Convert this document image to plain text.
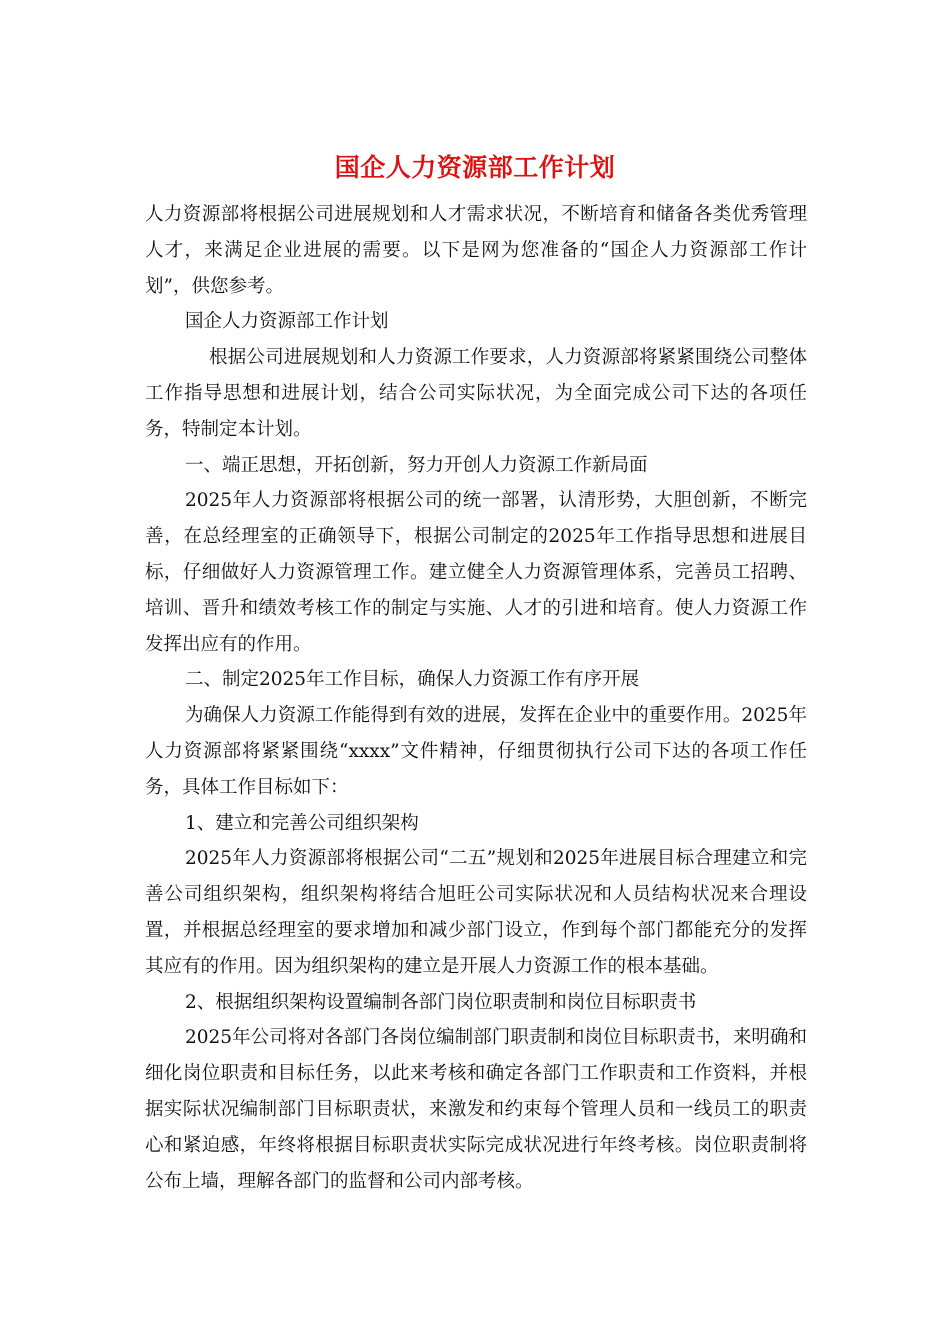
国企人力资源部工作计划

人力资源部将根据公司进展规划和人才需求状况，不断培育和储备各类优秀管理人才，来满足企业进展的需要。以下是网为您准备的“国企人力资源部工作计划”，供您参考。

国企人力资源部工作计划

根据公司进展规划和人力资源工作要求，人力资源部将紧紧围绕公司整体工作指导思想和进展计划，结合公司实际状况，为全面完成公司下达的各项任务，特制定本计划。

一、端正思想，开拓创新，努力开创人力资源工作新局面

2025年人力资源部将根据公司的统一部署，认清形势，大胆创新，不断完善，在总经理室的正确领导下，根据公司制定的2025年工作指导思想和进展目标，仔细做好人力资源管理工作。建立健全人力资源管理体系，完善员工招聘、培训、晋升和绩效考核工作的制定与实施、人才的引进和培育。使人力资源工作发挥出应有的作用。

二、制定2025年工作目标，确保人力资源工作有序开展

为确保人力资源工作能得到有效的进展，发挥在企业中的重要作用。2025年人力资源部将紧紧围绕“xxxx”文件精神，仔细贯彻执行公司下达的各项工作任务，具体工作目标如下：

1、建立和完善公司组织架构

2025年人力资源部将根据公司“二五”规划和2025年进展目标合理建立和完善公司组织架构，组织架构将结合旭旺公司实际状况和人员结构状况来合理设置，并根据总经理室的要求增加和减少部门设立，作到每个部门都能充分的发挥其应有的作用。因为组织架构的建立是开展人力资源工作的根本基础。

2、根据组织架构设置编制各部门岗位职责制和岗位目标职责书

2025年公司将对各部门各岗位编制部门职责制和岗位目标职责书，来明确和细化岗位职责和目标任务，以此来考核和确定各部门工作职责和工作资料，并根据实际状况编制部门目标职责状，来激发和约束每个管理人员和一线员工的职责心和紧迫感，年终将根据目标职责状实际完成状况进行年终考核。岗位职责制将公布上墙，理解各部门的监督和公司内部考核。
